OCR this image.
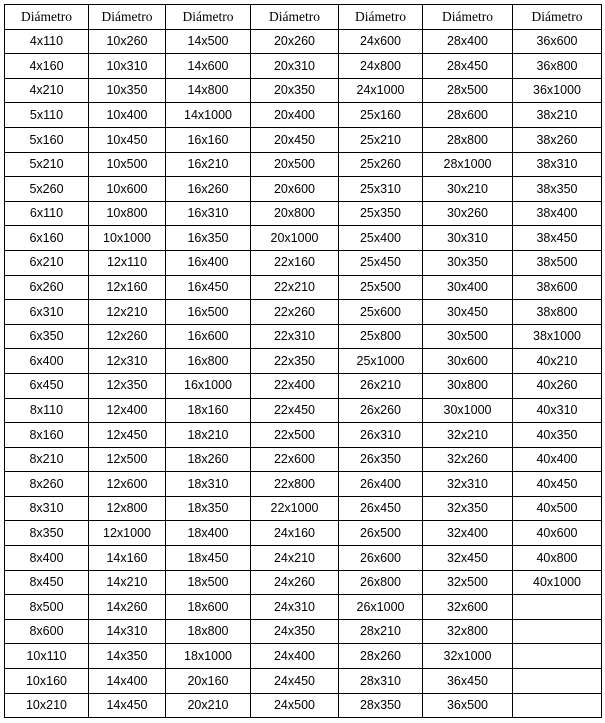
Diámetro	Diámetro	Diámetro	Diámetro	Diámetro	Diámetro	Diámetro
4x110	10x260	14x500	20x260	24x600	28x400	36x600
4x160	10x310	14x600	20x310	24x800	28x450	36x800
4x210	10x350	14x800	20x350	24x1000	28x500	36x1000
5x110	10x400	14x1000	20x400	25x160	28x600	38x210
5x160	10x450	16x160	20x450	25x210	28x800	38x260
5x210	10x500	16x210	20x500	25x260	28x1000	38x310
5x260	10x600	16x260	20x600	25x310	30x210	38x350
6x110	10x800	16x310	20x800	25x350	30x260	38x400
6x160	10x1000	16x350	20x1000	25x400	30x310	38x450
6x210	12x110	16x400	22x160	25x450	30x350	38x500
6x260	12x160	16x450	22x210	25x500	30x400	38x600
6x310	12x210	16x500	22x260	25x600	30x450	38x800
6x350	12x260	16x600	22x310	25x800	30x500	38x1000
6x400	12x310	16x800	22x350	25x1000	30x600	40x210
6x450	12x350	16x1000	22x400	26x210	30x800	40x260
8x110	12x400	18x160	22x450	26x260	30x1000	40x310
8x160	12x450	18x210	22x500	26x310	32x210	40x350
8x210	12x500	18x260	22x600	26x350	32x260	40x400
8x260	12x600	18x310	22x800	26x400	32x310	40x450
8x310	12x800	18x350	22x1000	26x450	32x350	40x500
8x350	12x1000	18x400	24x160	26x500	32x400	40x600
8x400	14x160	18x450	24x210	26x600	32x450	40x800
8x450	14x210	18x500	24x260	26x800	32x500	40x1000
8x500	14x260	18x600	24x310	26x1000	32x600	
8x600	14x310	18x800	24x350	28x210	32x800	
10x110	14x350	18x1000	24x400	28x260	32x1000	
10x160	14x400	20x160	24x450	28x310	36x450	
10x210	14x450	20x210	24x500	28x350	36x500	
